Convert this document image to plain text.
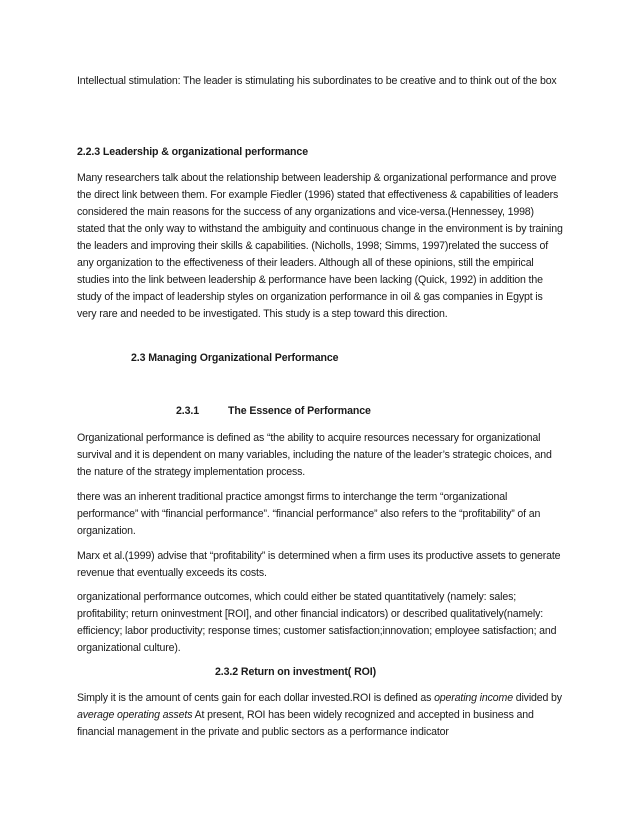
Intellectual stimulation: The leader is stimulating his subordinates to be creative and to think out of the box

2.2.3 Leadership & organizational performance

Many researchers talk about the relationship between leadership & organizational performance and prove the direct link between them. For example Fiedler (1996) stated that effectiveness & capabilities of leaders considered the main reasons for the success of any organizations and vice-versa.(Hennessey, 1998) stated that the only way to withstand the ambiguity and continuous change in the environment is by training the leaders and improving their skills & capabilities. (Nicholls, 1998; Simms, 1997)related the success of any organization to the effectiveness of their leaders. Although all of these opinions, still the empirical studies into the link between leadership & performance have been lacking (Quick, 1992) in addition the study of the impact of leadership styles on organization performance in oil & gas companies in Egypt is very rare and needed to be investigated. This study is a step toward this direction.

2.3 Managing Organizational Performance

2.3.1	The Essence of Performance

Organizational performance is defined as “the ability to acquire resources necessary for organizational survival and it is dependent on many variables, including the nature of the leader’s strategic choices, and the nature of the strategy implementation process.

there was an inherent traditional practice amongst firms to interchange the term “organizational performance” with “financial performance”. “financial performance” also refers to the “profitability” of an organization.

Marx et al.(1999) advise that “profitability” is determined when a firm uses its productive assets to generate revenue that eventually exceeds its costs.

organizational performance outcomes, which could either be stated quantitatively (namely: sales; profitability; return oninvestment [ROI], and other financial indicators) or described qualitatively(namely: efficiency; labor productivity; response times; customer satisfaction;innovation; employee satisfaction; and organizational culture).

2.3.2 Return on investment( ROI)

Simply it is the amount of cents gain for each dollar invested.ROI is defined as operating income divided by average operating assets At present, ROI has been widely recognized and accepted in business and financial management in the private and public sectors as a performance indicator
